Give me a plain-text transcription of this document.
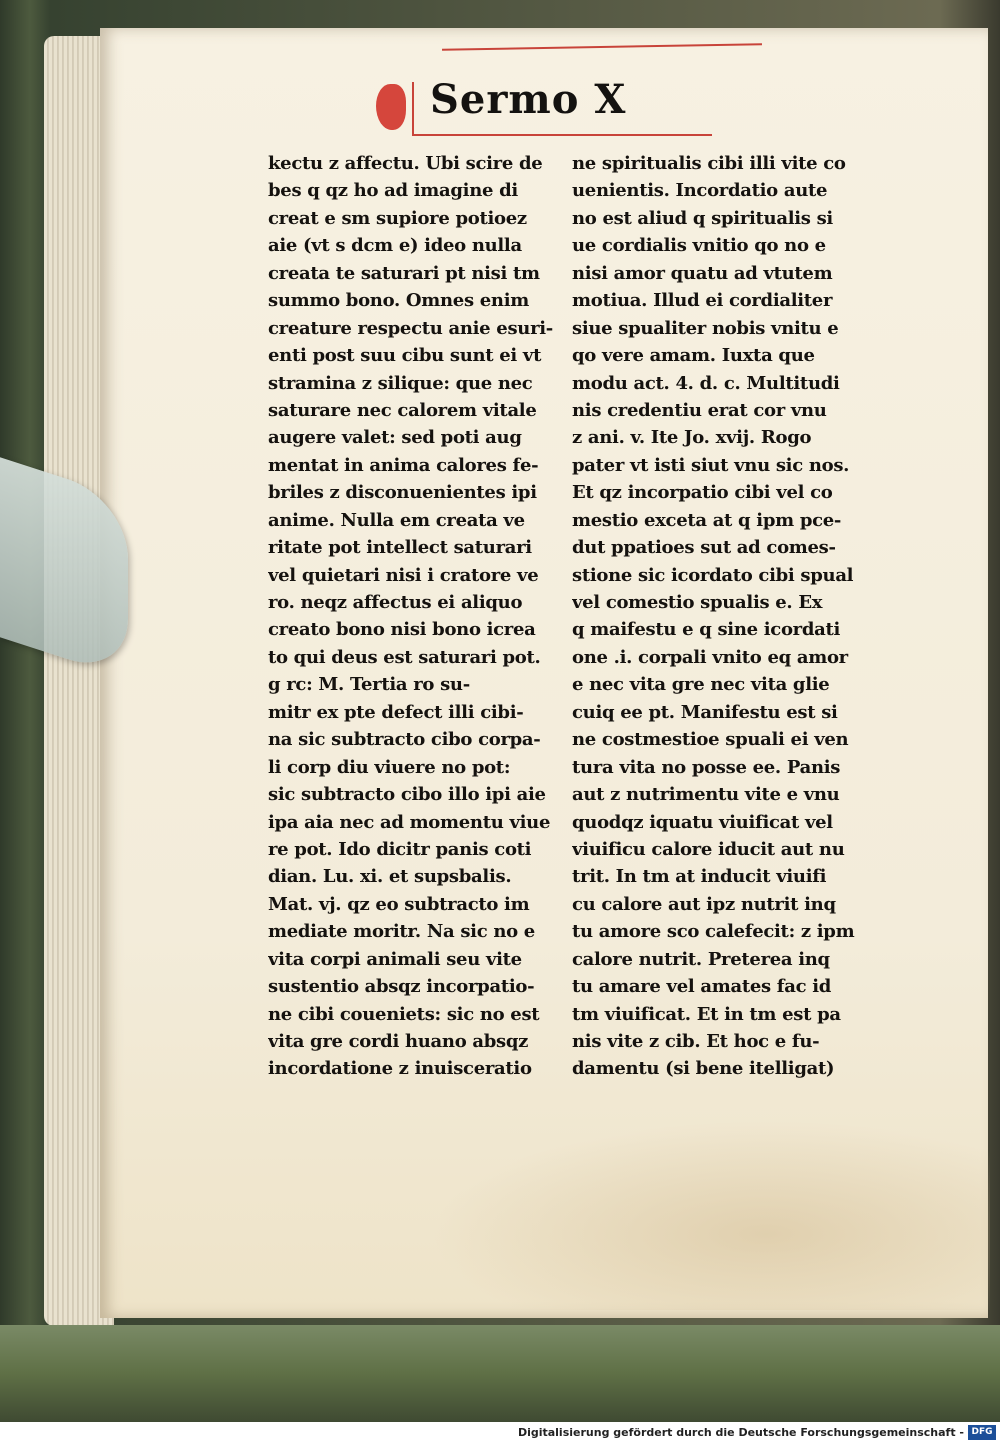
Sermo X
kectu z affectu. Ubi scire de
bes q qz ho ad imagine di
creat e sm supiore potioez
aie (vt s dcm e) ideo nulla
creata te saturari pt nisi tm
summo bono. Omnes enim
creature respectu anie esuri-
enti post suu cibu sunt ei vt
stramina z silique: que nec
saturare nec calorem vitale
augere valet: sed poti aug
mentat in anima calores fe-
briles z disconuenientes ipi
anime. Nulla em creata ve
ritate pot intellect saturari
vel quietari nisi i cratore ve
ro. neqz affectus ei aliquo
creato bono nisi bono icrea
to qui deus est saturari pot.
g rc: M. Tertia ro su-
mitr ex pte defect illi cibi-
na sic subtracto cibo corpa-
li corp diu viuere no pot:
sic subtracto cibo illo ipi aie
ipa aia nec ad momentu viue
re pot. Ido dicitr panis coti
dian. Lu. xi. et supsbalis.
Mat. vj. qz eo subtracto im
mediate moritr. Na sic no e
vita corpi animali seu vite
sustentio absqz incorpatio-
ne cibi coueniets: sic no est
vita gre cordi huano absqz
incordatione z inuisceratio
ne spiritualis cibi illi vite co
uenientis. Incordatio aute
no est aliud q spiritualis si
ue cordialis vnitio qo no e
nisi amor quatu ad vtutem
motiua. Illud ei cordialiter
siue spualiter nobis vnitu e
qo vere amam. Iuxta que
modu act. 4. d. c. Multitudi
nis credentiu erat cor vnu
z ani. v. Ite Jo. xvij. Rogo
pater vt isti siut vnu sic nos.
Et qz incorpatio cibi vel co
mestio exceta at q ipm pce-
dut ppatioes sut ad comes-
stione sic icordato cibi spual
vel comestio spualis e. Ex
q maifestu e q sine icordati
one .i. corpali vnito eq amor
e nec vita gre nec vita glie
cuiq ee pt. Manifestu est si
ne costmestioe spuali ei ven
tura vita no posse ee. Panis
aut z nutrimentu vite e vnu
quodqz iquatu viuificat vel
viuificu calore iducit aut nu
trit. In tm at inducit viuifi
cu calore aut ipz nutrit inq
tu amore sco calefecit: z ipm
calore nutrit. Preterea inq
tu amare vel amates fac id
tm viuificat. Et in tm est pa
nis vite z cib. Et hoc e fu-
damentu (si bene itelligat)
Digitalisierung gefördert durch die Deutsche Forschungsgemeinschaft - DFG
